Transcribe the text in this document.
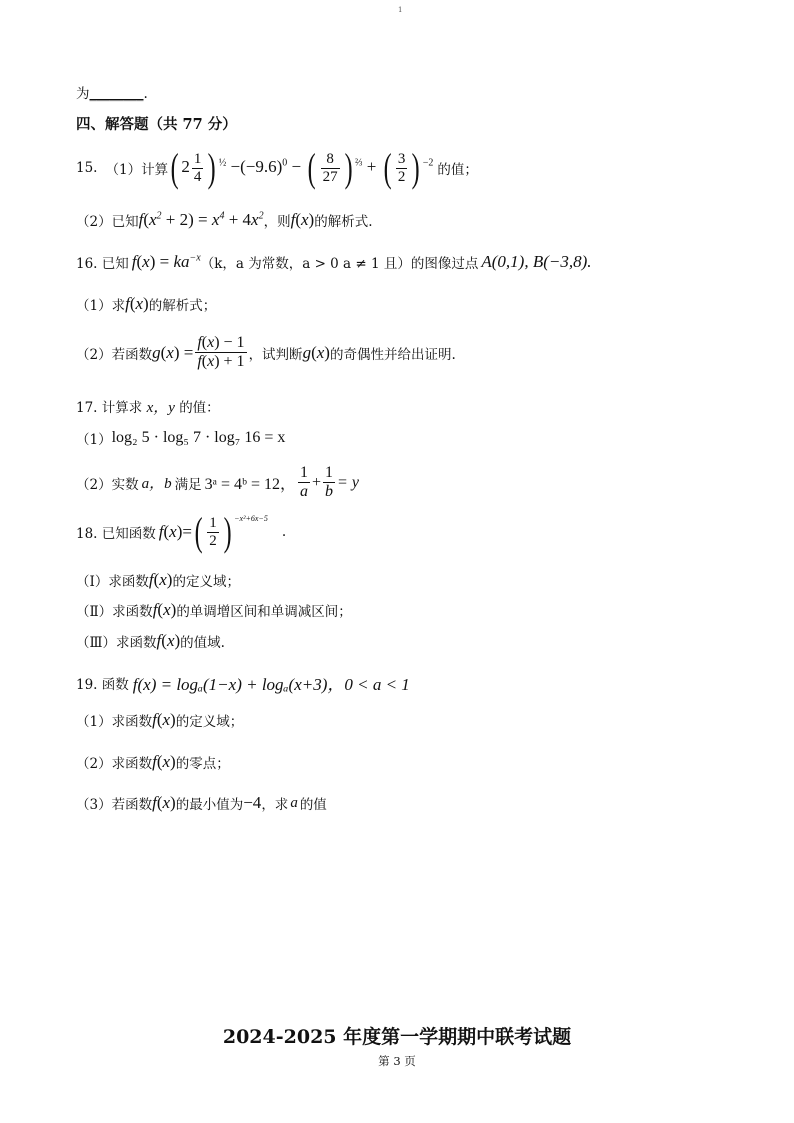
1
为________.
四、解答题（共 77 分）
15. （1）计算 ( $2 \frac{1}{4}$ ) $^{\frac{1}{2}} -(-9.6)^0$ − ( $\frac{8}{27}$ ) $^{\frac{2}{3}}$ + ( $\frac{3}{2}$ ) $^{-2}$ 的值；
（2）已知 $f(x^2 + 2) = x^4 + 4x^2$ ，则 f(x) 的解析式.
16. 已知 $f(x) = ka^{-x}$ （k，a 为常数，a > 0 a ≠ 1 且）的图像过点 A(0,1), B(−3,8).
（1）求 f(x) 的解析式；
（2）若函数 $g(x) = \frac{f(x) - 1}{f(x) + 1}$ ，试判断 g(x) 的奇偶性并给出证明.
17. 计算求 x，y 的值：
（1） log₂ 5 · log₅ 7 · log₇ 16 = x
（2）实数 a，b 满足 3ᵃ = 4ᵇ = 12， $\frac{1}{a} + \frac{1}{b} = y$
18. 已知函数 f(x)= ( $\frac{1}{2}$ ) −x²+6x−5
.
（Ⅰ）求函数 f(x) 的定义域；
（Ⅱ）求函数 f(x) 的单调增区间和单调减区间；
（Ⅲ）求函数 f(x) 的值域.
19. 函数 f(x) = logₐ(1−x) + logₐ(x+3)，0 < a < 1
（1）求函数 f(x) 的定义域；
（2）求函数 f(x) 的零点；
（3）若函数 f(x) 的最小值为 −4 ，求 a 的值
2024-2025 年度第一学期期中联考试题
第 3 页
